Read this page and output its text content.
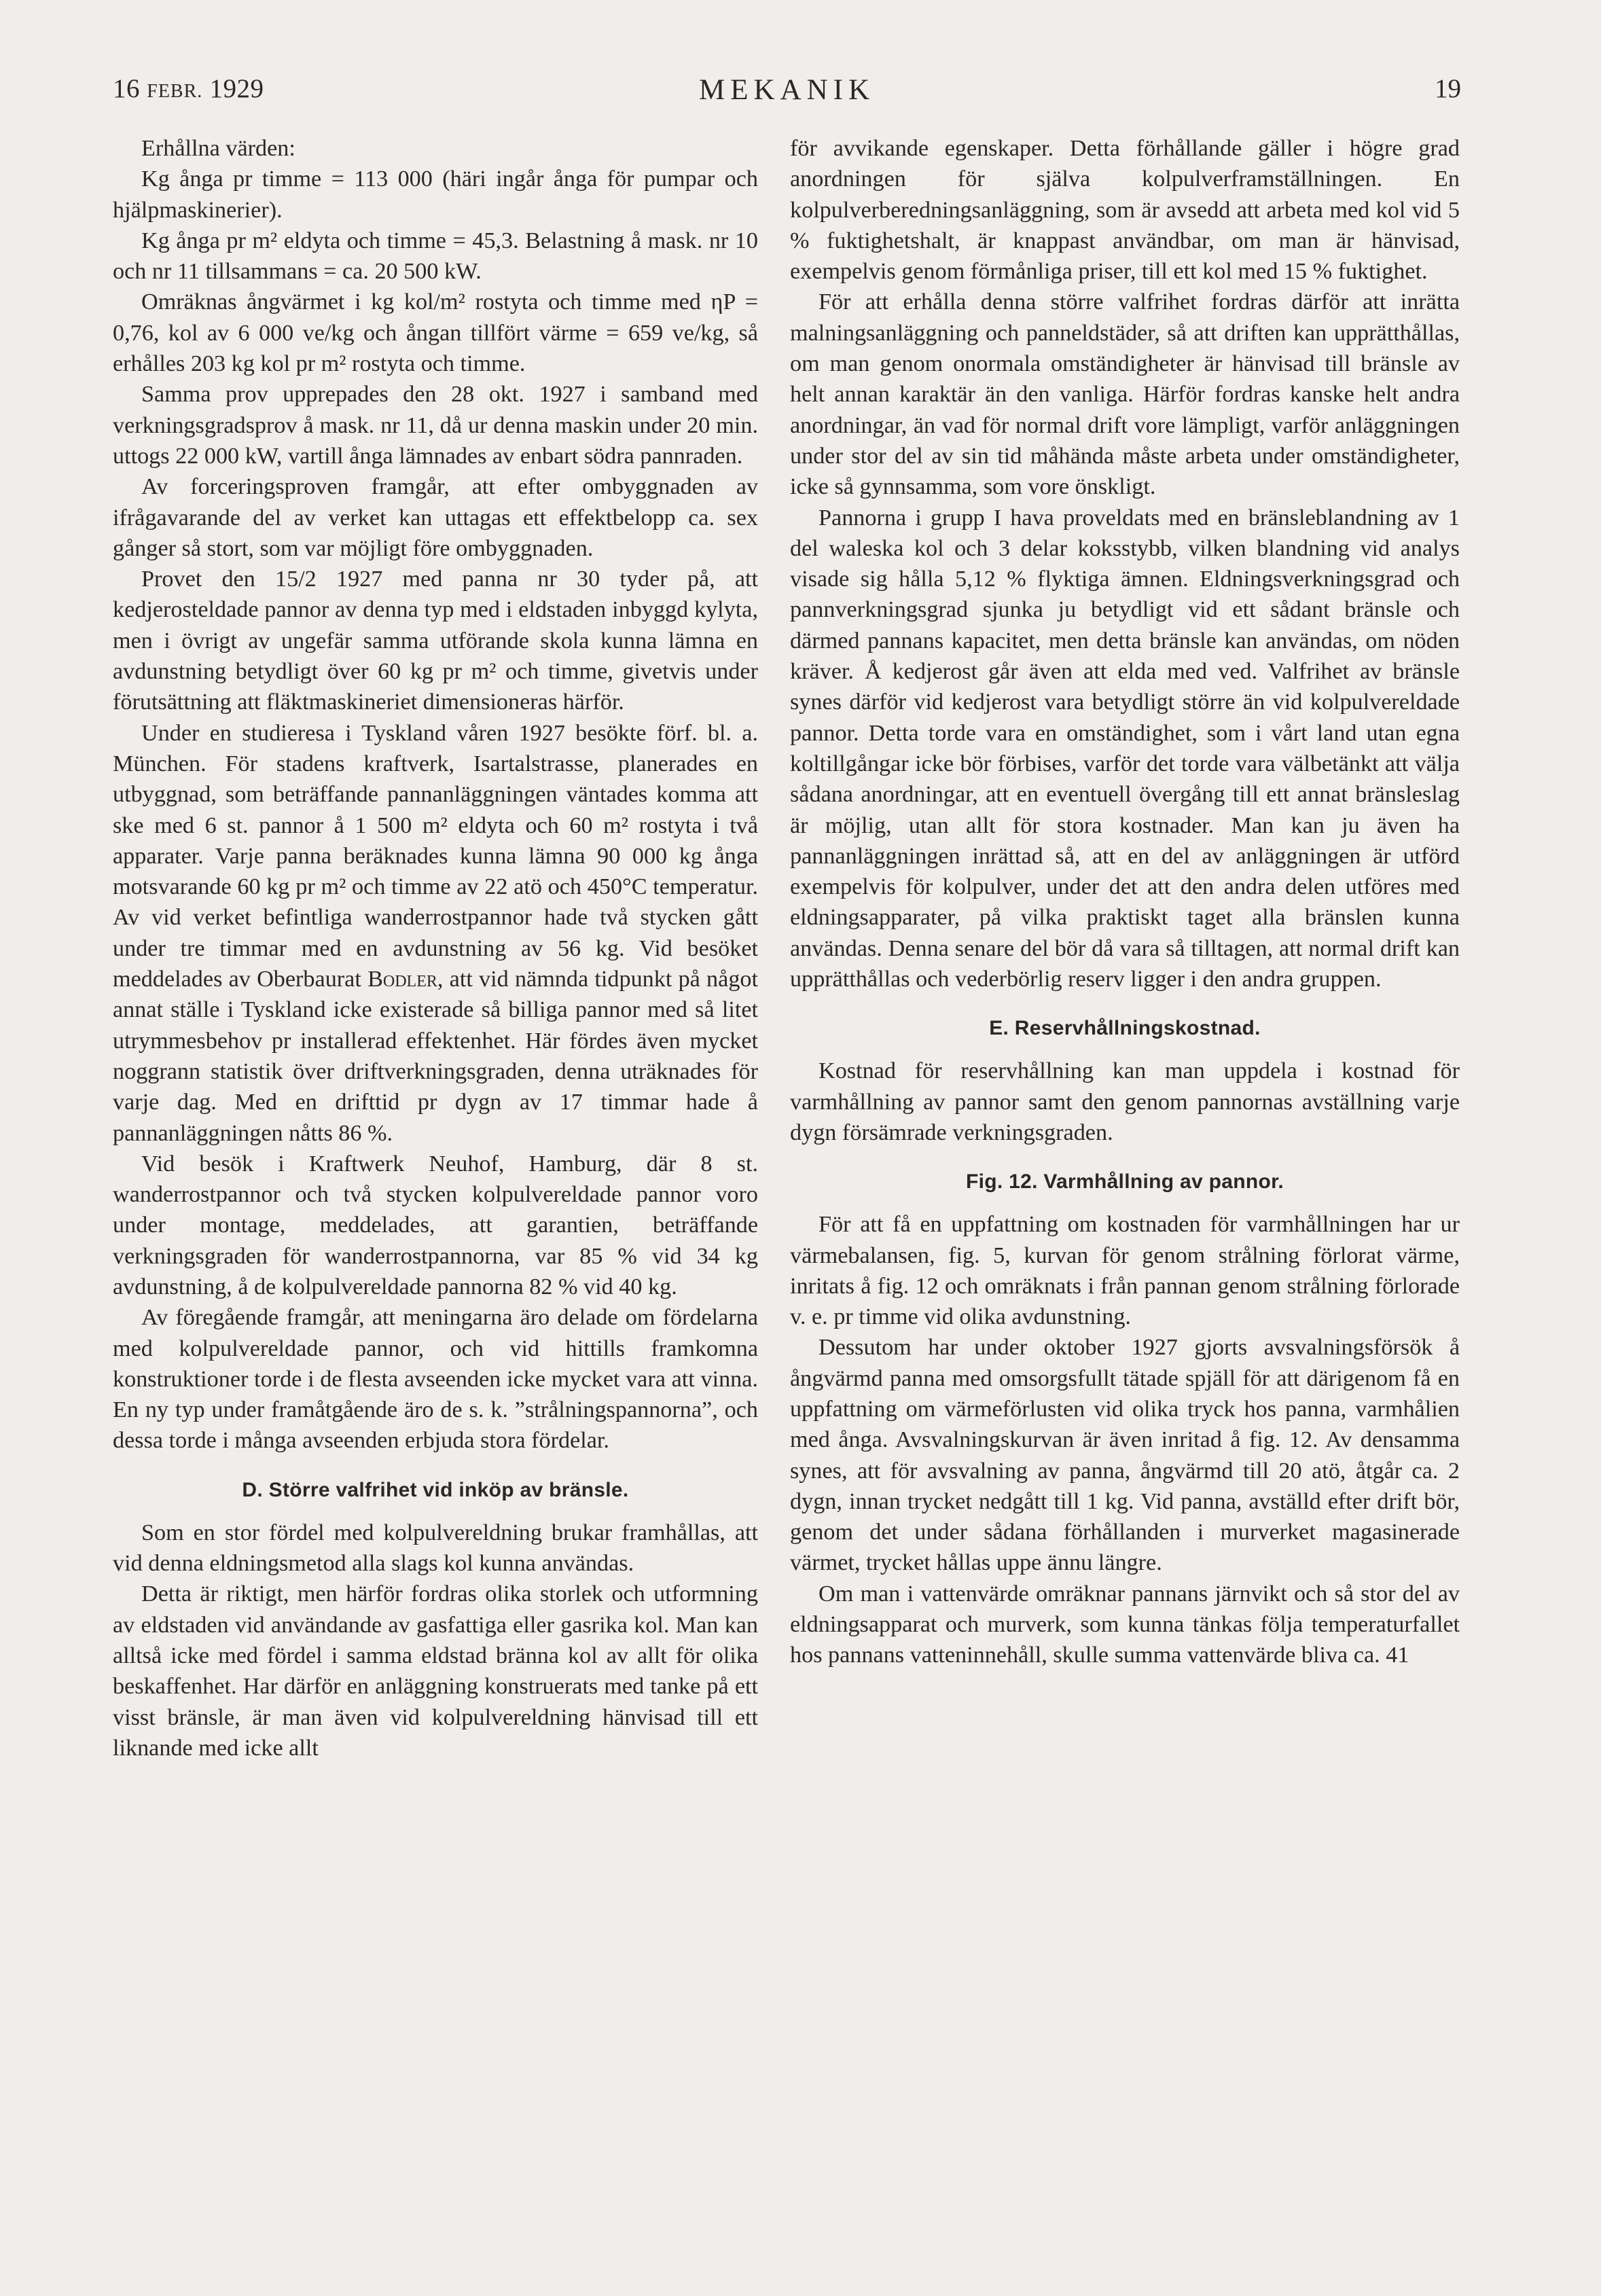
16 FEBR. 1929	MEKANIK	19

Erhållna värden:

Kg ånga pr timme = 113 000 (häri ingår ånga för pumpar och hjälpmaskinerier).

Kg ånga pr m² eldyta och timme = 45,3. Belastning å mask. nr 10 och nr 11 tillsammans = ca. 20 500 kW.

Omräknas ångvärmet i kg kol/m² rostyta och timme med ηP = 0,76, kol av 6 000 ve/kg och ångan tillfört värme = 659 ve/kg, så erhålles 203 kg kol pr m² rostyta och timme.

Samma prov upprepades den 28 okt. 1927 i samband med verkningsgradsprov å mask. nr 11, då ur denna maskin under 20 min. uttogs 22 000 kW, vartill ånga lämnades av enbart södra pannraden.

Av forceringsproven framgår, att efter ombyggnaden av ifrågavarande del av verket kan uttagas ett effektbelopp ca. sex gånger så stort, som var möjligt före ombyggnaden.

Provet den 15/2 1927 med panna nr 30 tyder på, att kedjerosteldade pannor av denna typ med i eldstaden inbyggd kylyta, men i övrigt av ungefär samma utförande skola kunna lämna en avdunstning betydligt över 60 kg pr m² och timme, givetvis under förutsättning att fläktmaskineriet dimensioneras härför.

Under en studieresa i Tyskland våren 1927 besökte förf. bl. a. München. För stadens kraftverk, Isartalstrasse, planerades en utbyggnad, som beträffande pannanläggningen väntades komma att ske med 6 st. pannor å 1 500 m² eldyta och 60 m² rostyta i två apparater. Varje panna beräknades kunna lämna 90 000 kg ånga motsvarande 60 kg pr m² och timme av 22 atö och 450°C temperatur. Av vid verket befintliga wanderrostpannor hade två stycken gått under tre timmar med en avdunstning av 56 kg. Vid besöket meddelades av Oberbaurat Bodler, att vid nämnda tidpunkt på något annat ställe i Tyskland icke existerade så billiga pannor med så litet utrymmesbehov pr installerad effektenhet. Här fördes även mycket noggrann statistik över driftverkningsgraden, denna uträknades för varje dag. Med en drifttid pr dygn av 17 timmar hade å pannanläggningen nåtts 86 %.

Vid besök i Kraftwerk Neuhof, Hamburg, där 8 st. wanderrostpannor och två stycken kolpulvereldade pannor voro under montage, meddelades, att garantien, beträffande verkningsgraden för wanderrostpannorna, var 85 % vid 34 kg avdunstning, å de kolpulvereldade pannorna 82 % vid 40 kg.

Av föregående framgår, att meningarna äro delade om fördelarna med kolpulvereldade pannor, och vid hittills framkomna konstruktioner torde i de flesta avseenden icke mycket vara att vinna. En ny typ under framåtgående äro de s. k. ”strålningspannorna”, och dessa torde i många avseenden erbjuda stora fördelar.

D. Större valfrihet vid inköp av bränsle.

Som en stor fördel med kolpulvereldning brukar framhållas, att vid denna eldningsmetod alla slags kol kunna användas.

Detta är riktigt, men härför fordras olika storlek och utformning av eldstaden vid användande av gasfattiga eller gasrika kol. Man kan alltså icke med fördel i samma eldstad bränna kol av allt för olika beskaffenhet. Har därför en anläggning konstruerats med tanke på ett visst bränsle, är man även vid kolpulvereldning hänvisad till ett liknande med icke allt

för avvikande egenskaper. Detta förhållande gäller i högre grad anordningen för själva kolpulverframställningen. En kolpulverberedningsanläggning, som är avsedd att arbeta med kol vid 5 % fuktighetshalt, är knappast användbar, om man är hänvisad, exempelvis genom förmånliga priser, till ett kol med 15 % fuktighet.

För att erhålla denna större valfrihet fordras därför att inrätta malningsanläggning och panneldstäder, så att driften kan upprätthållas, om man genom onormala omständigheter är hänvisad till bränsle av helt annan karaktär än den vanliga. Härför fordras kanske helt andra anordningar, än vad för normal drift vore lämpligt, varför anläggningen under stor del av sin tid måhända måste arbeta under omständigheter, icke så gynnsamma, som vore önskligt.

Pannorna i grupp I hava proveldats med en bränsleblandning av 1 del waleska kol och 3 delar koksstybb, vilken blandning vid analys visade sig hålla 5,12 % flyktiga ämnen. Eldningsverkningsgrad och pannverkningsgrad sjunka ju betydligt vid ett sådant bränsle och därmed pannans kapacitet, men detta bränsle kan användas, om nöden kräver. Å kedjerost går även att elda med ved. Valfrihet av bränsle synes därför vid kedjerost vara betydligt större än vid kolpulvereldade pannor. Detta torde vara en omständighet, som i vårt land utan egna koltillgångar icke bör förbises, varför det torde vara välbetänkt att välja sådana anordningar, att en eventuell övergång till ett annat bränsleslag är möjlig, utan allt för stora kostnader. Man kan ju även ha pannanläggningen inrättad så, att en del av anläggningen är utförd exempelvis för kolpulver, under det att den andra delen utföres med eldningsapparater, på vilka praktiskt taget alla bränslen kunna användas. Denna senare del bör då vara så tilltagen, att normal drift kan upprätthållas och vederbörlig reserv ligger i den andra gruppen.

E. Reservhållningskostnad.

Kostnad för reservhållning kan man uppdela i kostnad för varmhållning av pannor samt den genom pannornas avställning varje dygn försämrade verkningsgraden.

Fig. 12. Varmhållning av pannor.

För att få en uppfattning om kostnaden för varmhållningen har ur värmebalansen, fig. 5, kurvan för genom strålning förlorat värme, inritats å fig. 12 och omräknats i från pannan genom strålning förlorade v. e. pr timme vid olika avdunstning.

Dessutom har under oktober 1927 gjorts avsvalningsförsök å ångvärmd panna med omsorgsfullt tätade spjäll för att därigenom få en uppfattning om värmeförlusten vid olika tryck hos panna, varmhålien med ånga. Avsvalningskurvan är även inritad å fig. 12. Av densamma synes, att för avsvalning av panna, ångvärmd till 20 atö, åtgår ca. 2 dygn, innan trycket nedgått till 1 kg. Vid panna, avställd efter drift bör, genom det under sådana förhållanden i murverket magasinerade värmet, trycket hållas uppe ännu längre.

Om man i vattenvärde omräknar pannans järnvikt och så stor del av eldningsapparat och murverk, som kunna tänkas följa temperaturfallet hos pannans vatteninnehåll, skulle summa vattenvärde bliva ca. 41
